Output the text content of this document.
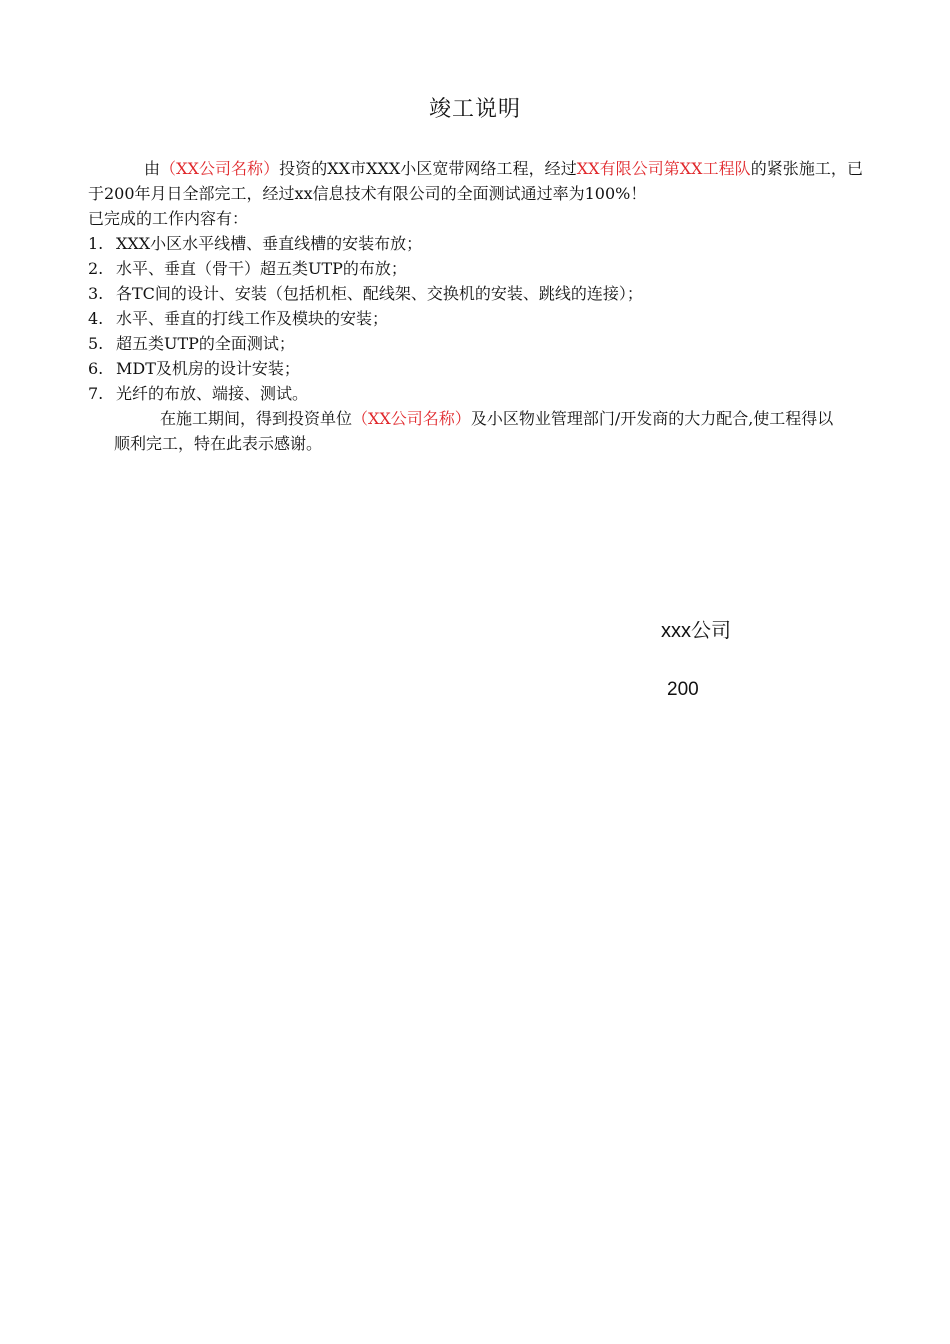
竣工说明

由（XX公司名称）投资的XX市XXX小区宽带网络工程，经过XX有限公司第XX工程队的紧张施工，已于200年月日全部完工，经过xx信息技术有限公司的全面测试通过率为100%！

已完成的工作内容有：

1. XXX小区水平线槽、垂直线槽的安装布放；
2. 水平、垂直（骨干）超五类UTP的布放；
3. 各TC间的设计、安装（包括机柜、配线架、交换机的安装、跳线的连接）；
4. 水平、垂直的打线工作及模块的安装；
5. 超五类UTP的全面测试；
6. MDT及机房的设计安装；
7. 光纤的布放、端接、测试。

在施工期间，得到投资单位（XX公司名称）及小区物业管理部门/开发商的大力配合,使工程得以顺利完工，特在此表示感谢。

xxx公司
200
